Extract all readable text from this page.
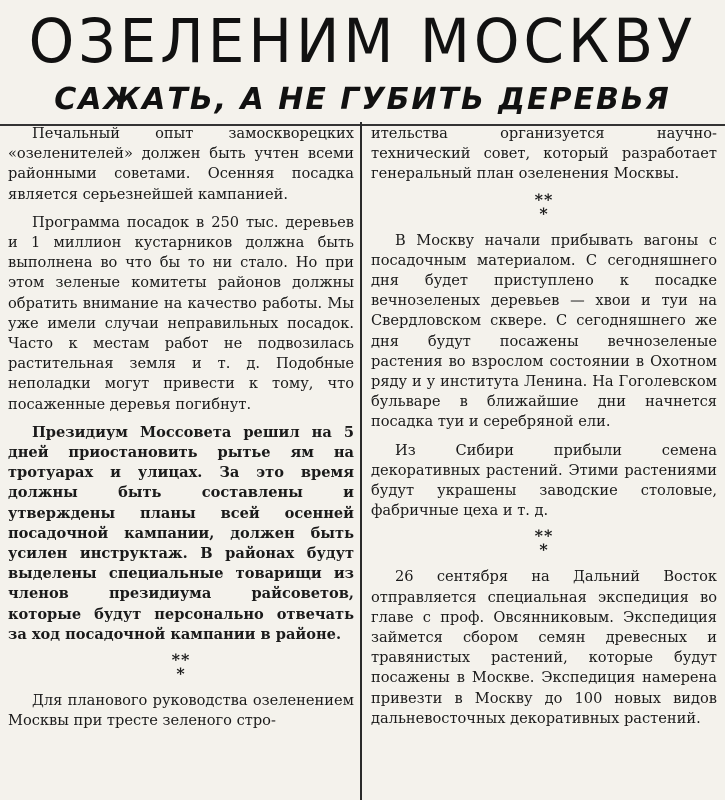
ОЗЕЛЕНИМ МОСКВУ
САЖАТЬ, А НЕ ГУБИТЬ ДЕРЕВЬЯ

Печальный опыт замоскворецких «озеленителей» должен быть учтен всеми районными советами. Осенняя посадка является серьезнейшей кампанией.

Программа посадок в 250 тыс. деревьев и 1 миллион кустарников должна быть выполнена во что бы то ни стало. Но при этом зеленые комитеты районов должны обратить внимание на качество работы. Мы уже имели случаи неправильных посадок. Часто к местам работ не подвозилась растительная земля и т. д. Подобные неполадки могут привести к тому, что посаженные деревья погибнут.

Президиум Моссовета решил на 5 дней приостановить рытье ям на тротуарах и улицах. За это время должны быть составлены и утверждены планы всей осенней посадочной кампании, должен быть усилен инструктаж. В районах будут выделены специальные товарищи из членов президиума райсоветов, которые будут персонально отвечать за ход посадочной кампании в районе.

**
*

Для планового руководства озеленением Москвы при тресте зеленого стро-

ительства организуется научно-технический совет, который разработает генеральный план озеленения Москвы.

**
*

В Москву начали прибывать вагоны с посадочным материалом. С сегодняшнего дня будет приступлено к посадке вечнозеленых деревьев — хвои и туи на Свердловском сквере. С сегодняшнего же дня будут посажены вечнозеленые растения во взрослом состоянии в Охотном ряду и у института Ленина. На Гоголевском бульваре в ближайшие дни начнется посадка туи и серебряной ели.

Из Сибири прибыли семена декоративных растений. Этими растениями будут украшены заводские столовые, фабричные цеха и т. д.

**
*

26 сентября на Дальний Восток отправляется специальная экспедиция во главе с проф. Овсянниковым. Экспедиция займется сбором семян древесных и травянистых растений, которые будут посажены в Москве. Экспедиция намерена привезти в Москву до 100 новых видов дальневосточных декоративных растений.
